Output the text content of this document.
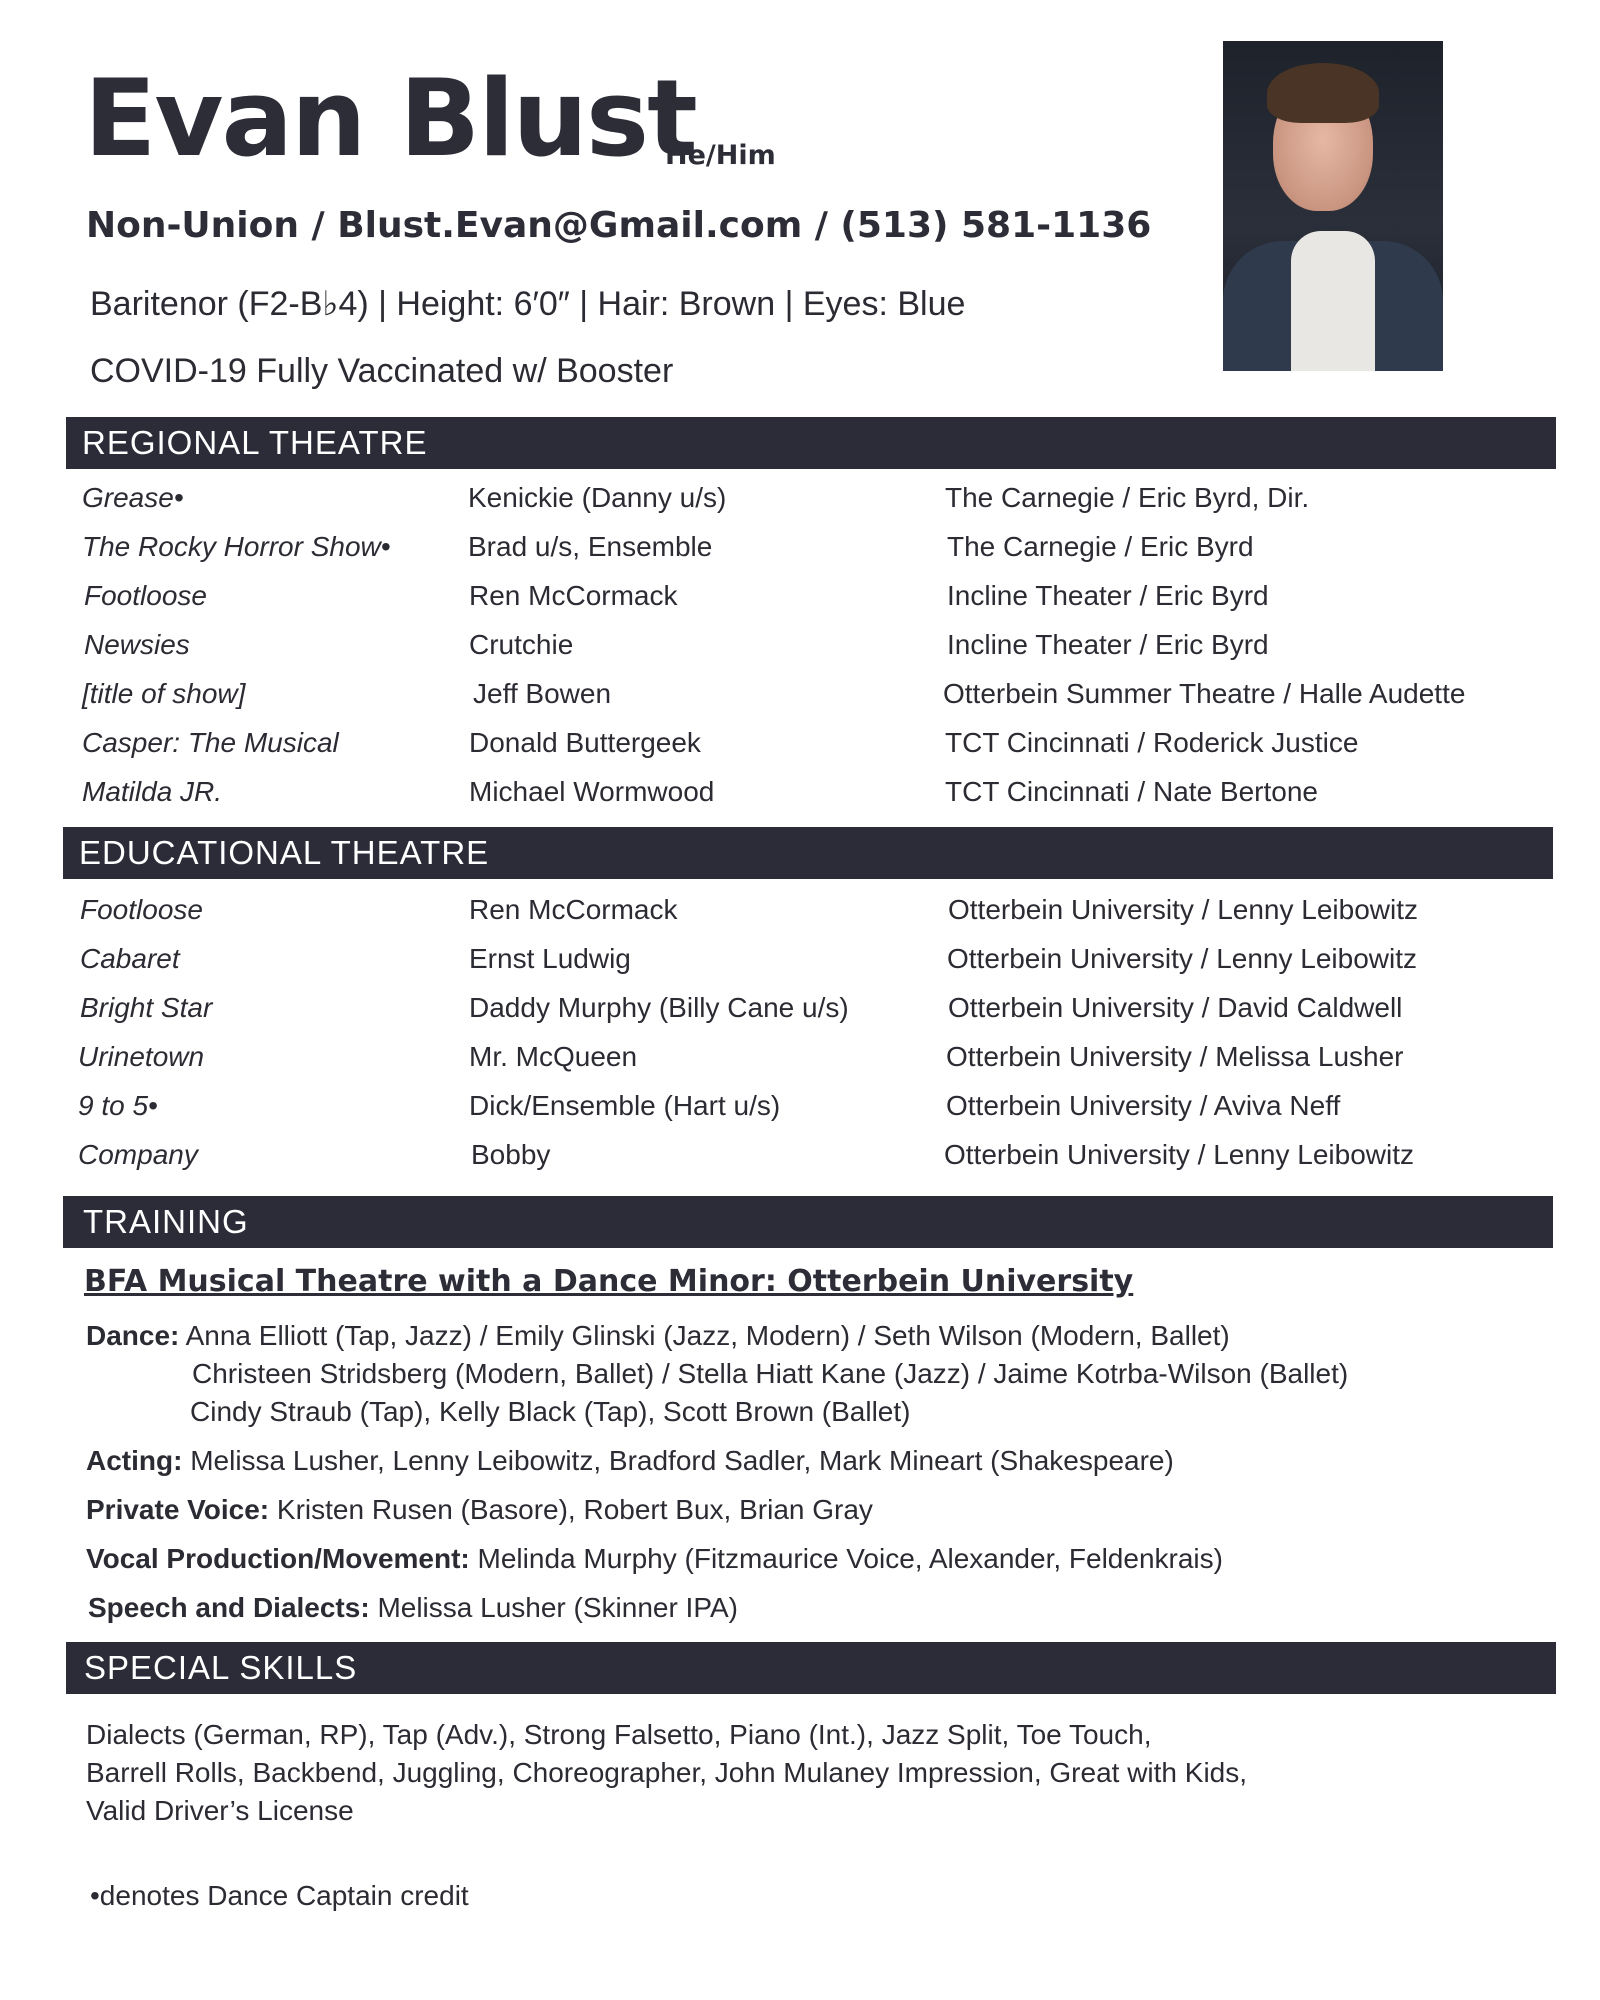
Evan Blust
He/Him
Non-Union / Blust.Evan@Gmail.com / (513) 581-1136
Baritenor (F2-B♭4) | Height: 6′0″ | Hair: Brown | Eyes: Blue
COVID-19 Fully Vaccinated w/ Booster
REGIONAL THEATRE
Grease•	Kenickie (Danny u/s)	The Carnegie / Eric Byrd, Dir.
The Rocky Horror Show•	Brad u/s, Ensemble	The Carnegie / Eric Byrd
Footloose	Ren McCormack	Incline Theater / Eric Byrd
Newsies	Crutchie	Incline Theater / Eric Byrd
[title of show]	Jeff Bowen	Otterbein Summer Theatre / Halle Audette
Casper: The Musical	Donald Buttergeek	TCT Cincinnati / Roderick Justice
Matilda JR.	Michael Wormwood	TCT Cincinnati / Nate Bertone
EDUCATIONAL THEATRE
Footloose	Ren McCormack	Otterbein University / Lenny Leibowitz
Cabaret	Ernst Ludwig	Otterbein University / Lenny Leibowitz
Bright Star	Daddy Murphy (Billy Cane u/s)	Otterbein University / David Caldwell
Urinetown	Mr. McQueen	Otterbein University / Melissa Lusher
9 to 5•	Dick/Ensemble (Hart u/s)	Otterbein University / Aviva Neff
Company	Bobby	Otterbein University / Lenny Leibowitz
TRAINING
BFA Musical Theatre with a Dance Minor: Otterbein University
Dance: Anna Elliott (Tap, Jazz) / Emily Glinski (Jazz, Modern) / Seth Wilson (Modern, Ballet)
Christeen Stridsberg (Modern, Ballet) / Stella Hiatt Kane (Jazz) / Jaime Kotrba-Wilson (Ballet)
Cindy Straub (Tap), Kelly Black (Tap), Scott Brown (Ballet)
Acting: Melissa Lusher, Lenny Leibowitz, Bradford Sadler, Mark Mineart (Shakespeare)
Private Voice: Kristen Rusen (Basore), Robert Bux, Brian Gray
Vocal Production/Movement: Melinda Murphy (Fitzmaurice Voice, Alexander, Feldenkrais)
Speech and Dialects: Melissa Lusher (Skinner IPA)
SPECIAL SKILLS
Dialects (German, RP), Tap (Adv.), Strong Falsetto, Piano (Int.), Jazz Split, Toe Touch,
Barrell Rolls, Backbend, Juggling, Choreographer, John Mulaney Impression, Great with Kids,
Valid Driver’s License
•denotes Dance Captain credit
